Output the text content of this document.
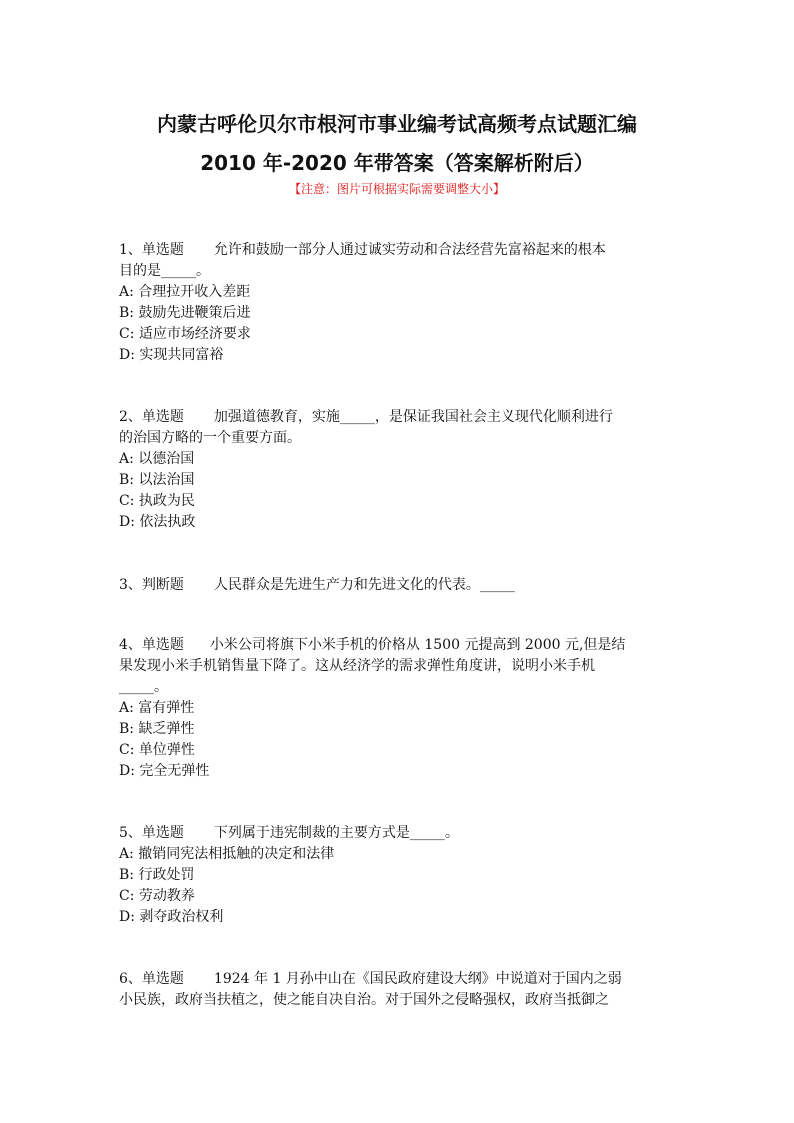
内蒙古呼伦贝尔市根河市事业编考试高频考点试题汇编
2010 年-2020 年带答案（答案解析附后）
【注意：图片可根据实际需要调整大小】
1、单选题 允许和鼓励一部分人通过诚实劳动和合法经营先富裕起来的根本
目的是_____。
A: 合理拉开收入差距
B: 鼓励先进鞭策后进
C: 适应市场经济要求
D: 实现共同富裕
2、单选题 加强道德教育，实施_____，是保证我国社会主义现代化顺利进行
的治国方略的一个重要方面。
A: 以德治国
B: 以法治国
C: 执政为民
D: 依法执政
3、判断题 人民群众是先进生产力和先进文化的代表。_____
4、单选题 小米公司将旗下小米手机的价格从 1500 元提高到 2000 元,但是结
果发现小米手机销售量下降了。这从经济学的需求弹性角度讲，说明小米手机
_____。
A: 富有弹性
B: 缺乏弹性
C: 单位弹性
D: 完全无弹性
5、单选题 下列属于违宪制裁的主要方式是_____。
A: 撤销同宪法相抵触的决定和法律
B: 行政处罚
C: 劳动教养
D: 剥夺政治权利
6、单选题 1924 年 1 月孙中山在《国民政府建设大纲》中说道对于国内之弱
小民族，政府当扶植之，使之能自决自治。对于国外之侵略强权，政府当抵御之
